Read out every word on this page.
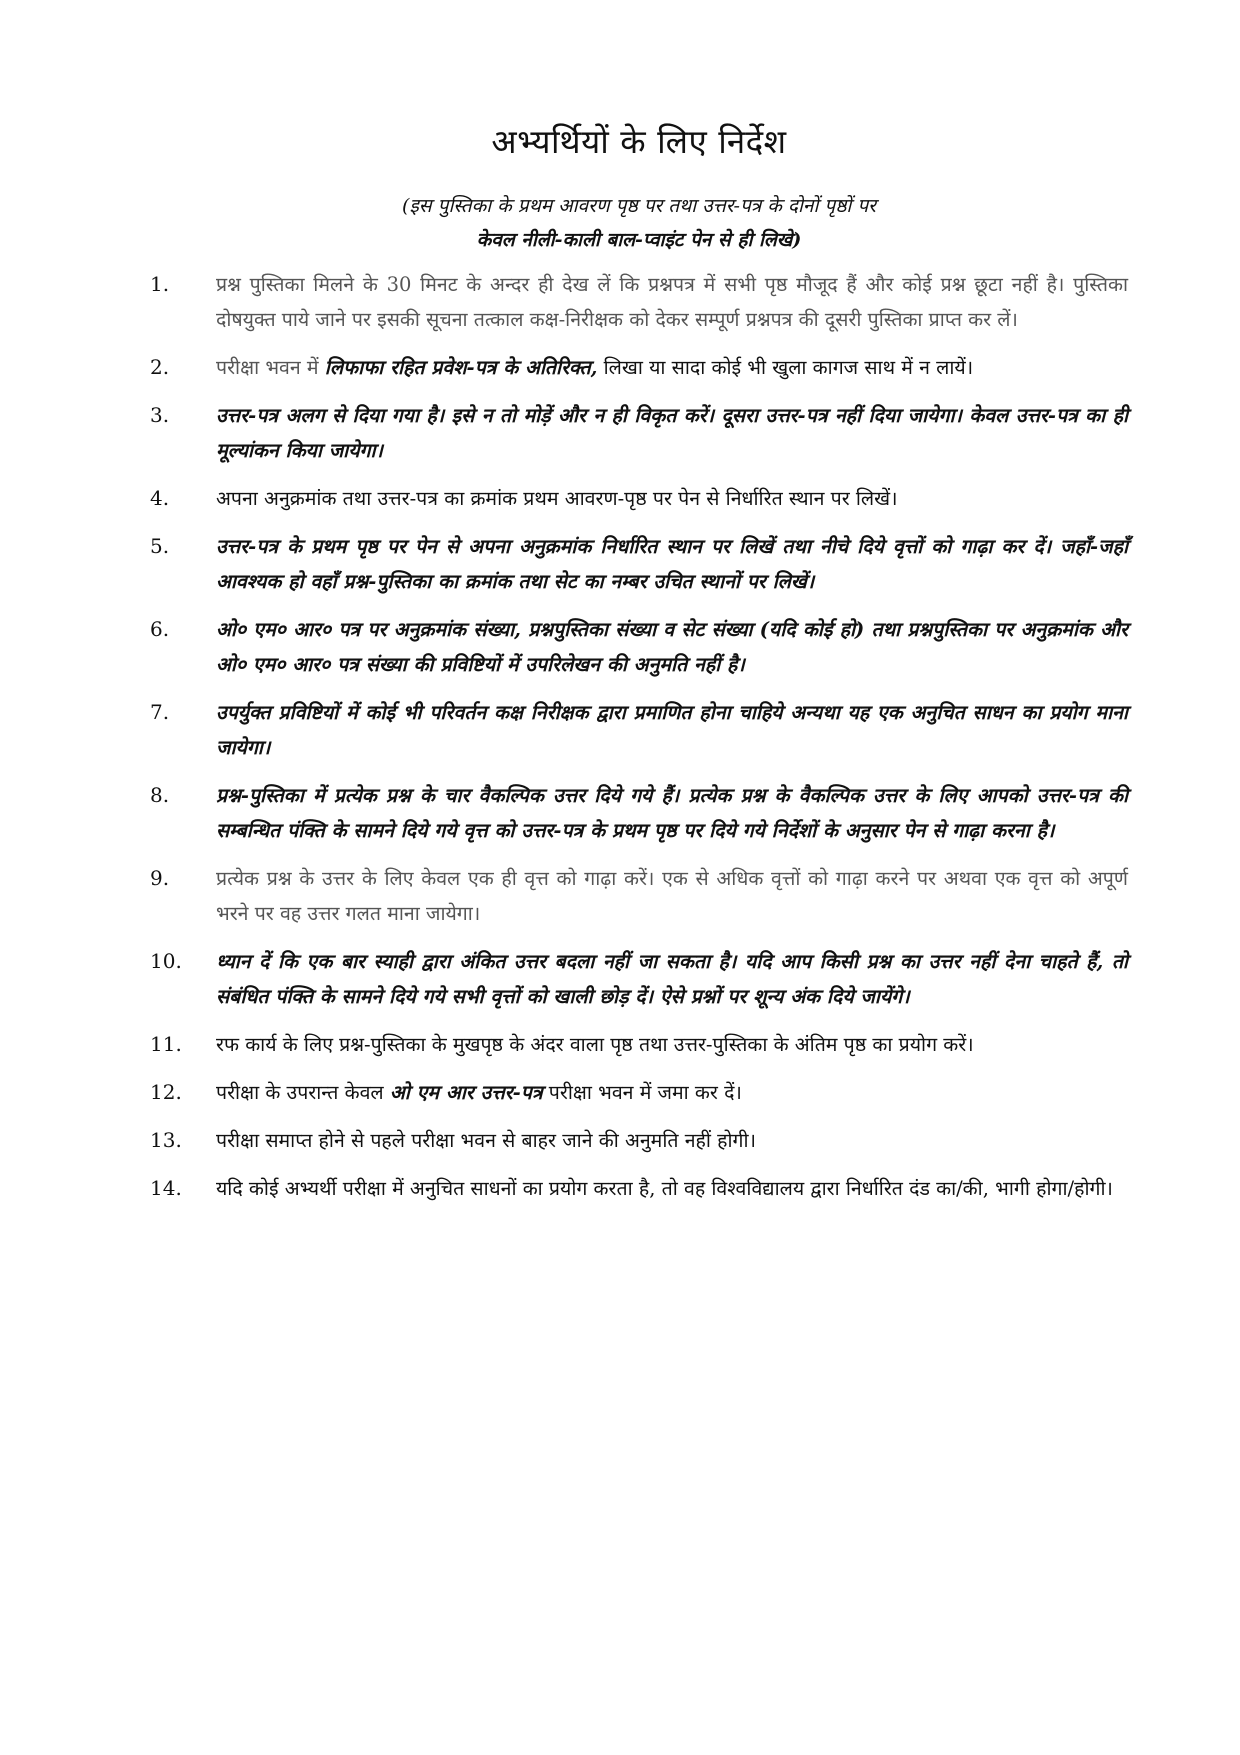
अभ्यर्थियों के लिए निर्देश
(इस पुस्तिका के प्रथम आवरण पृष्ठ पर तथा उत्तर-पत्र के दोनों पृष्ठों पर
केवल नीली-काली बाल-प्वाइंट पेन से ही लिखे)
1.	प्रश्न पुस्तिका मिलने के 30 मिनट के अन्दर ही देख लें कि प्रश्नपत्र में सभी पृष्ठ मौजूद हैं और कोई प्रश्न छूटा नहीं है। पुस्तिका दोषयुक्त पाये जाने पर इसकी सूचना तत्काल कक्ष-निरीक्षक को देकर सम्पूर्ण प्रश्नपत्र की दूसरी पुस्तिका प्राप्त कर लें।
2.	परीक्षा भवन में लिफाफा रहित प्रवेश-पत्र के अतिरिक्त, लिखा या सादा कोई भी खुला कागज साथ में न लायें।
3.	उत्तर-पत्र अलग से दिया गया है। इसे न तो मोड़ें और न ही विकृत करें। दूसरा उत्तर-पत्र नहीं दिया जायेगा। केवल उत्तर-पत्र का ही मूल्यांकन किया जायेगा।
4.	अपना अनुक्रमांक तथा उत्तर-पत्र का क्रमांक प्रथम आवरण-पृष्ठ पर पेन से निर्धारित स्थान पर लिखें।
5.	उत्तर-पत्र के प्रथम पृष्ठ पर पेन से अपना अनुक्रमांक निर्धारित स्थान पर लिखें तथा नीचे दिये वृत्तों को गाढ़ा कर दें। जहाँ-जहाँ आवश्यक हो वहाँ प्रश्न-पुस्तिका का क्रमांक तथा सेट का नम्बर उचित स्थानों पर लिखें।
6.	ओ० एम० आर० पत्र पर अनुक्रमांक संख्या, प्रश्नपुस्तिका संख्या व सेट संख्या (यदि कोई हो) तथा प्रश्नपुस्तिका पर अनुक्रमांक और ओ० एम० आर० पत्र संख्या की प्रविष्टियों में उपरिलेखन की अनुमति नहीं है।
7.	उपर्युक्त प्रविष्टियों में कोई भी परिवर्तन कक्ष निरीक्षक द्वारा प्रमाणित होना चाहिये अन्यथा यह एक अनुचित साधन का प्रयोग माना जायेगा।
8.	प्रश्न-पुस्तिका में प्रत्येक प्रश्न के चार वैकल्पिक उत्तर दिये गये हैं। प्रत्येक प्रश्न के वैकल्पिक उत्तर के लिए आपको उत्तर-पत्र की सम्बन्धित पंक्ति के सामने दिये गये वृत्त को उत्तर-पत्र के प्रथम पृष्ठ पर दिये गये निर्देशों के अनुसार पेन से गाढ़ा करना है।
9.	प्रत्येक प्रश्न के उत्तर के लिए केवल एक ही वृत्त को गाढ़ा करें। एक से अधिक वृत्तों को गाढ़ा करने पर अथवा एक वृत्त को अपूर्ण भरने पर वह उत्तर गलत माना जायेगा।
10.	ध्यान दें कि एक बार स्याही द्वारा अंकित उत्तर बदला नहीं जा सकता है। यदि आप किसी प्रश्न का उत्तर नहीं देना चाहते हैं, तो संबंधित पंक्ति के सामने दिये गये सभी वृत्तों को खाली छोड़ दें। ऐसे प्रश्नों पर शून्य अंक दिये जायेंगे।
11.	रफ कार्य के लिए प्रश्न-पुस्तिका के मुखपृष्ठ के अंदर वाला पृष्ठ तथा उत्तर-पुस्तिका के अंतिम पृष्ठ का प्रयोग करें।
12.	परीक्षा के उपरान्त केवल ओ एम आर उत्तर-पत्र परीक्षा भवन में जमा कर दें।
13.	परीक्षा समाप्त होने से पहले परीक्षा भवन से बाहर जाने की अनुमति नहीं होगी।
14.	यदि कोई अभ्यर्थी परीक्षा में अनुचित साधनों का प्रयोग करता है, तो वह विश्वविद्यालय द्वारा निर्धारित दंड का/की, भागी होगा/होगी।
